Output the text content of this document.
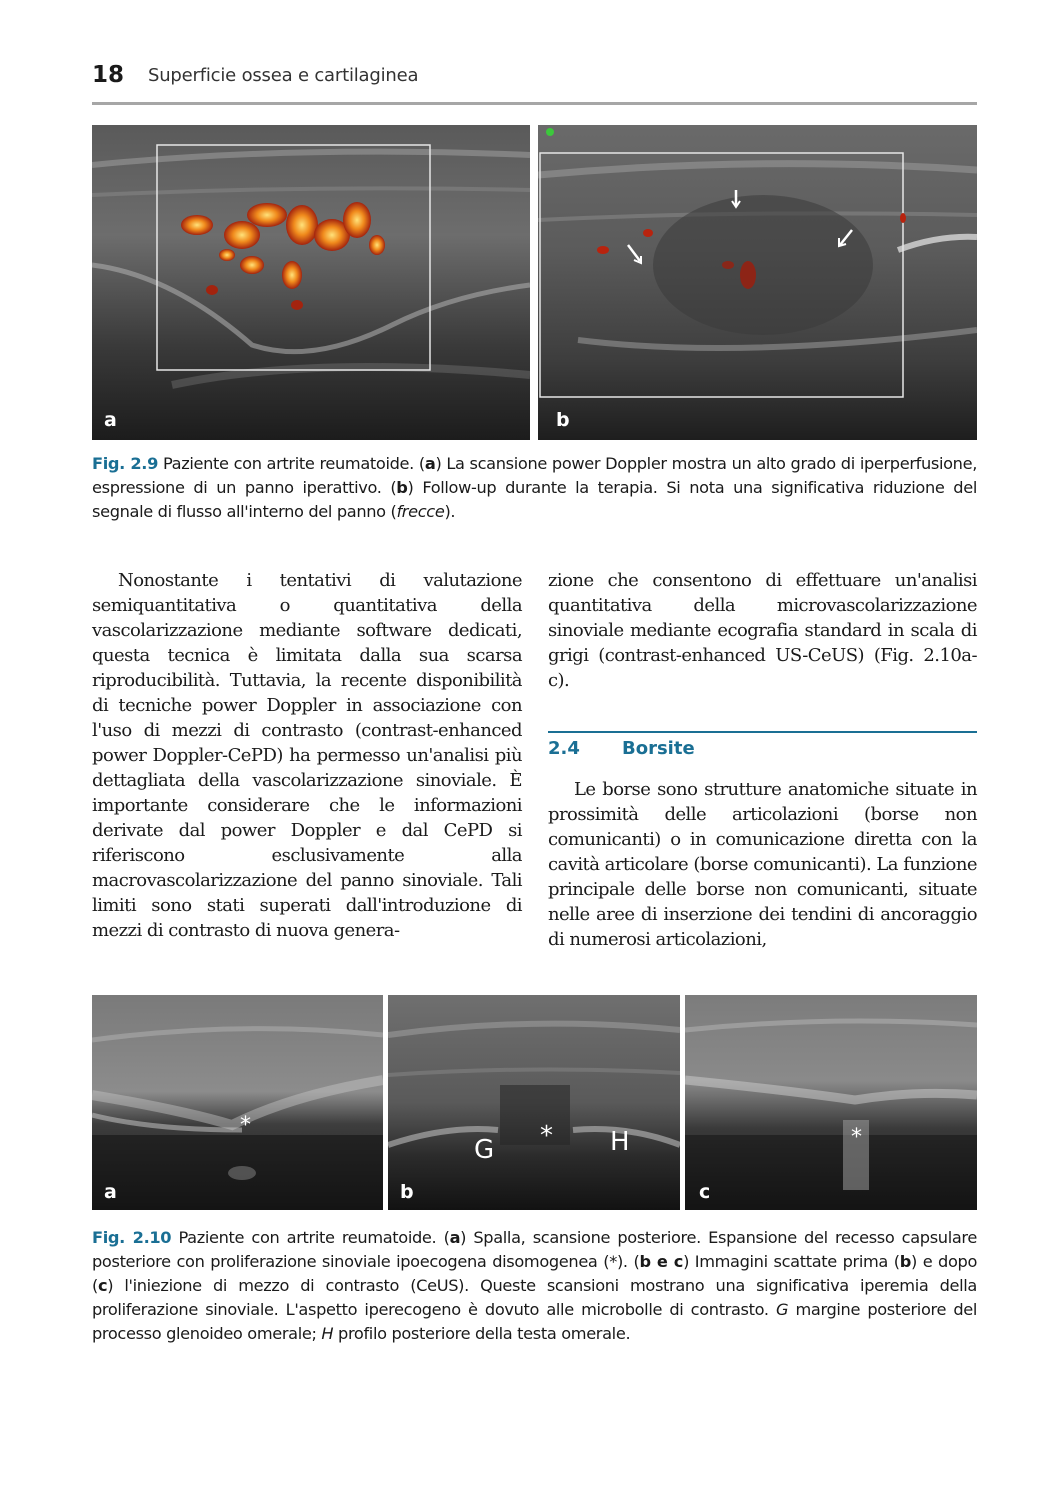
18 Superficie ossea e cartilaginea
a	b
Fig. 2.9 Paziente con artrite reumatoide. (a) La scansione power Doppler mostra un alto grado di iperperfusione, espressione di un panno iperattivo. (b) Follow-up durante la terapia. Si nota una significativa riduzione del segnale di flusso all'interno del panno (frecce).

Nonostante i tentativi di valutazione semiquantitativa o quantitativa della vascolarizzazione mediante software dedicati, questa tecnica è limitata dalla sua scarsa riproducibilità. Tuttavia, la recente disponibilità di tecniche power Doppler in associazione con l'uso di mezzi di contrasto (contrast-enhanced power Doppler-CePD) ha permesso un'analisi più dettagliata della vascolarizzazione sinoviale. È importante considerare che le informazioni derivate dal power Doppler e dal CePD si riferiscono esclusivamente alla macrovascolarizzazione del panno sinoviale. Tali limiti sono stati superati dall'introduzione di mezzi di contrasto di nuova genera-

zione che consentono di effettuare un'analisi quantitativa della microvascolarizzazione sinoviale mediante ecografia standard in scala di grigi (contrast-enhanced US-CeUS) (Fig. 2.10a-c).

2.4 Borsite

Le borse sono strutture anatomiche situate in prossimità delle articolazioni (borse non comunicanti) o in comunicazione diretta con la cavità articolare (borse comunicanti). La funzione principale delle borse non comunicanti, situate nelle aree di inserzione dei tendini di ancoraggio di numerosi articolazioni,

*
a
G * H
b
*
c
Fig. 2.10 Paziente con artrite reumatoide. (a) Spalla, scansione posteriore. Espansione del recesso capsulare posteriore con proliferazione sinoviale ipoecogena disomogenea (*). (b e c) Immagini scattate prima (b) e dopo (c) l'iniezione di mezzo di contrasto (CeUS). Queste scansioni mostrano una significativa iperemia della proliferazione sinoviale. L'aspetto iperecogeno è dovuto alle microbolle di contrasto. G margine posteriore del processo glenoideo omerale; H profilo posteriore della testa omerale.
